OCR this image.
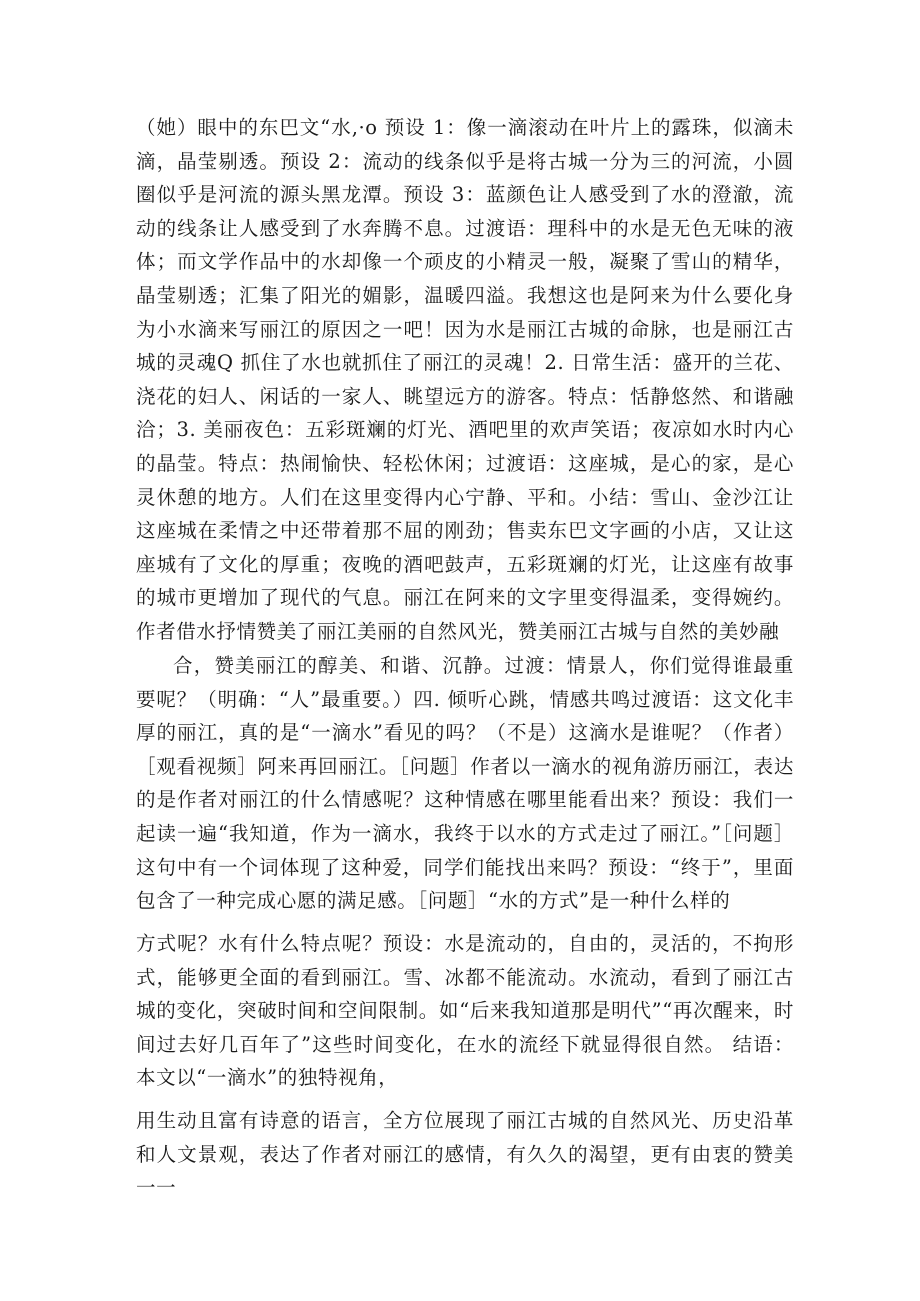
（她）眼中的东巴文“水,·o 预设 1：像一滴滚动在叶片上的露珠，似滴未滴，晶莹剔透。预设 2：流动的线条似乎是将古城一分为三的河流，小圆圈似乎是河流的源头黑龙潭。预设 3：蓝颜色让人感受到了水的澄澈，流动的线条让人感受到了水奔腾不息。过渡语：理科中的水是无色无味的液体；而文学作品中的水却像一个顽皮的小精灵一般，凝聚了雪山的精华，晶莹剔透；汇集了阳光的媚影，温暖四溢。我想这也是阿来为什么要化身为小水滴来写丽江的原因之一吧！因为水是丽江古城的命脉，也是丽江古城的灵魂Q 抓住了水也就抓住了丽江的灵魂！2. 日常生活：盛开的兰花、浇花的妇人、闲话的一家人、眺望远方的游客。特点：恬静悠然、和谐融洽；3. 美丽夜色：五彩斑斓的灯光、酒吧里的欢声笑语；夜凉如水时内心的晶莹。特点：热闹愉快、轻松休闲；过渡语：这座城，是心的家，是心灵休憩的地方。人们在这里变得内心宁静、平和。小结：雪山、金沙江让这座城在柔情之中还带着那不屈的刚劲；售卖东巴文字画的小店，又让这座城有了文化的厚重；夜晚的酒吧鼓声，五彩斑斓的灯光，让这座有故事的城市更增加了现代的气息。丽江在阿来的文字里变得温柔，变得婉约。作者借水抒情赞美了丽江美丽的自然风光，赞美丽江古城与自然的美妙融

合，赞美丽江的醇美、和谐、沉静。过渡：情景人，你们觉得谁最重要呢？（明确：“人”最重要。）四. 倾听心跳，情感共鸣过渡语：这文化丰厚的丽江，真的是“一滴水”看见的吗？（不是）这滴水是谁呢？（作者）［观看视频］阿来再回丽江。［问题］作者以一滴水的视角游历丽江，表达的是作者对丽江的什么情感呢？这种情感在哪里能看出来？预设：我们一起读一遍“我知道，作为一滴水，我终于以水的方式走过了丽江。”［问题］这句中有一个词体现了这种爱，同学们能找出来吗？预设：“终于”，里面包含了一种完成心愿的满足感。［问题］“水的方式”是一种什么样的

方式呢？水有什么特点呢？预设：水是流动的，自由的，灵活的，不拘形式，能够更全面的看到丽江。雪、冰都不能流动。水流动，看到了丽江古城的变化，突破时间和空间限制。如“后来我知道那是明代”“再次醒来，时间过去好几百年了”这些时间变化，在水的流经下就显得很自然。 结语：本文以“一滴水”的独特视角，

用生动且富有诗意的语言，全方位展现了丽江古城的自然风光、历史沿革和人文景观，表达了作者对丽江的感情，有久久的渴望，更有由衷的赞美一一
